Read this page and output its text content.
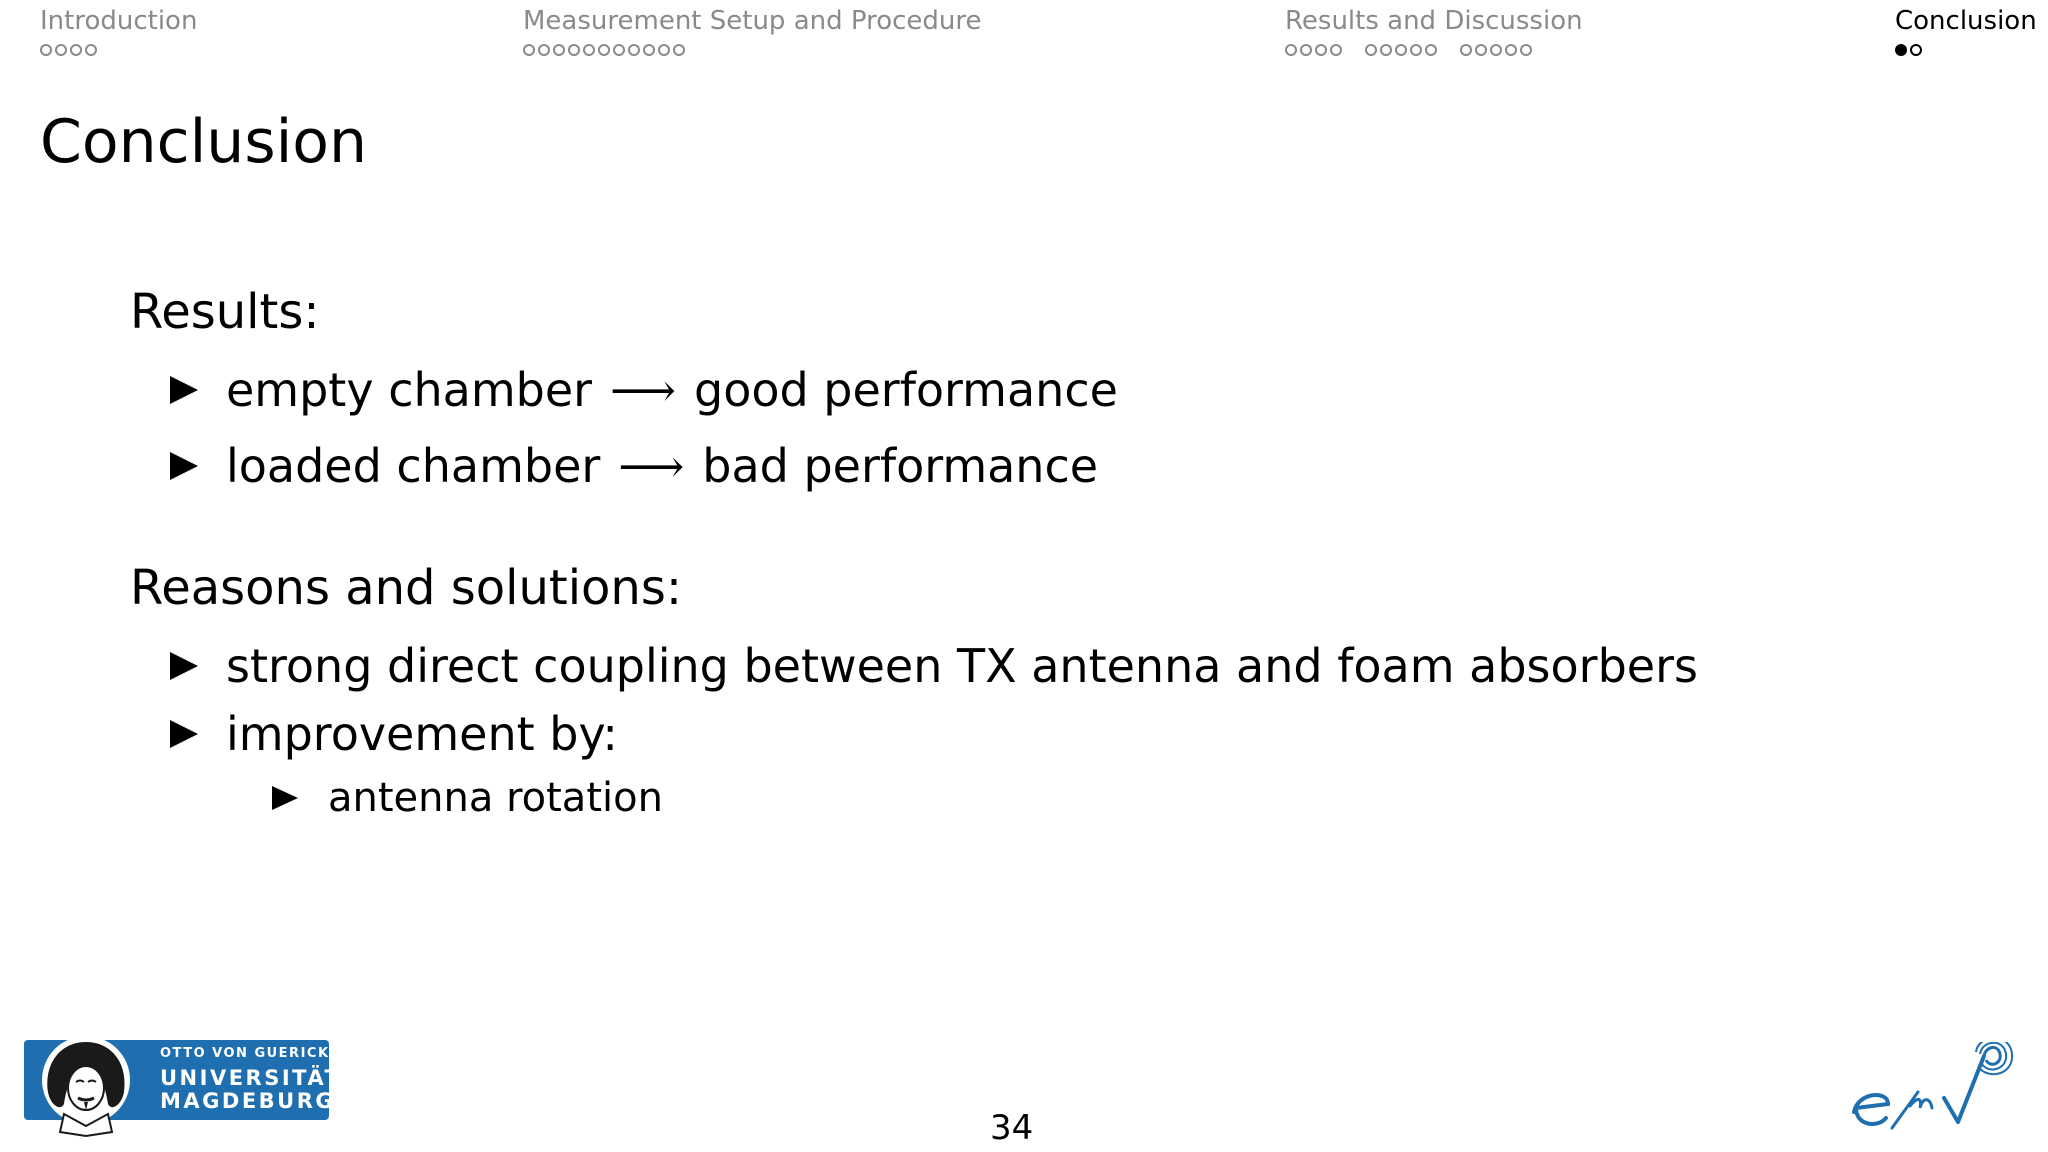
Introduction	Measurement Setup and Procedure	Results and Discussion	Conclusion
Conclusion
Results:
empty chamber ⟶ good performance
loaded chamber ⟶ bad performance
Reasons and solutions:
strong direct coupling between TX antenna and foam absorbers
improvement by:
antenna rotation
OTTO VON GUERICKE
UNIVERSITÄT
MAGDEBURG
34
